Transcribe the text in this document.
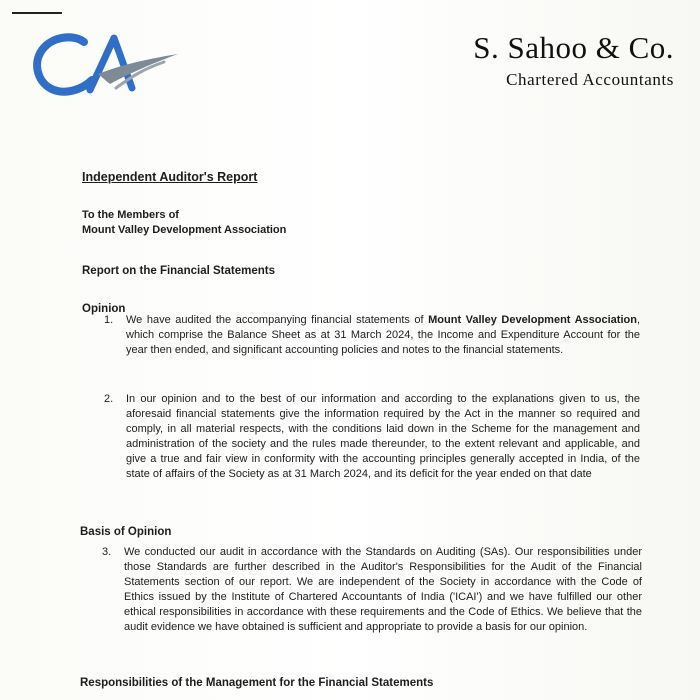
S. Sahoo & Co.
Chartered Accountants
Independent Auditor's Report
To the Members of
Mount Valley Development Association
Report on the Financial Statements
Opinion
1. We have audited the accompanying financial statements of Mount Valley Development Association, which comprise the Balance Sheet as at 31 March 2024, the Income and Expenditure Account for the year then ended, and significant accounting policies and notes to the financial statements.
2. In our opinion and to the best of our information and according to the explanations given to us, the aforesaid financial statements give the information required by the Act in the manner so required and comply, in all material respects, with the conditions laid down in the Scheme for the management and administration of the society and the rules made thereunder, to the extent relevant and applicable, and give a true and fair view in conformity with the accounting principles generally accepted in India, of the state of affairs of the Society as at 31 March 2024, and its deficit for the year ended on that date
Basis of Opinion
3. We conducted our audit in accordance with the Standards on Auditing (SAs). Our responsibilities under those Standards are further described in the Auditor's Responsibilities for the Audit of the Financial Statements section of our report. We are independent of the Society in accordance with the Code of Ethics issued by the Institute of Chartered Accountants of India ('ICAI') and we have fulfilled our other ethical responsibilities in accordance with these requirements and the Code of Ethics. We believe that the audit evidence we have obtained is sufficient and appropriate to provide a basis for our opinion.
Responsibilities of the Management for the Financial Statements
